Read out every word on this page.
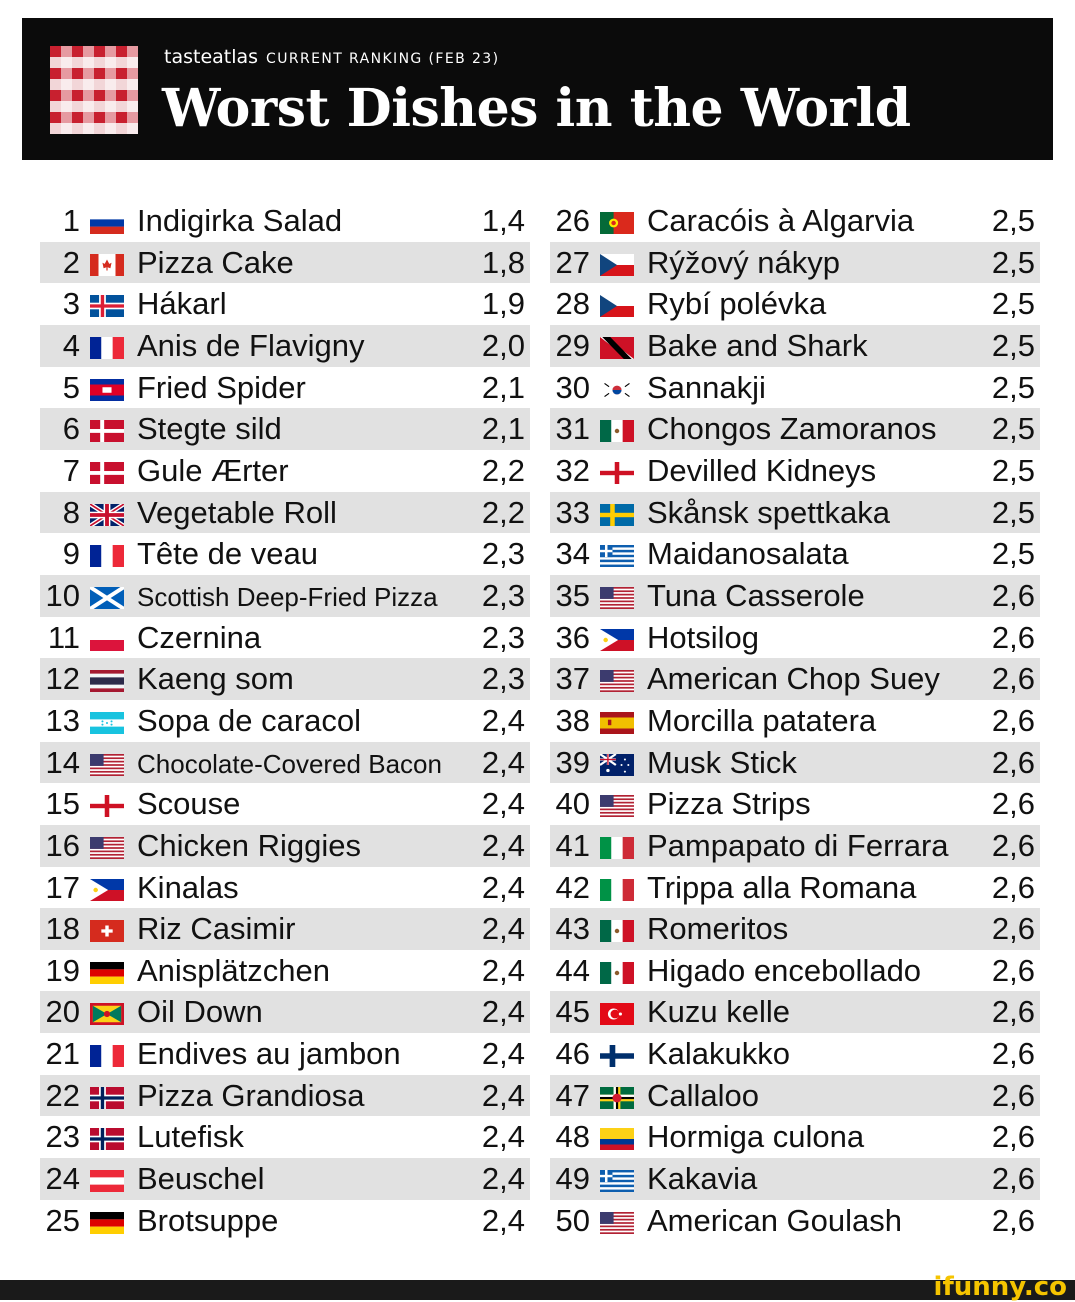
tasteatlas CURRENT RANKING (FEB 23)
Worst Dishes in the World
1 Indigirka Salad	1,4
2 Pizza Cake	1,8
3 Hákarl	1,9
4 Anis de Flavigny	2,0
5 Fried Spider	2,1
6 Stegte sild	2,1
7 Gule Ærter	2,2
8 Vegetable Roll	2,2
9 Tête de veau	2,3
10 Scottish Deep-Fried Pizza 2,3
11 Czernina	2,3
12 Kaeng som	2,3
13 Sopa de caracol	2,4
14 Chocolate-Covered Bacon 2,4
15 Scouse	2,4
16 Chicken Riggies	2,4
17 Kinalas	2,4
18 Riz Casimir	2,4
19 Anisplätzchen	2,4
20 Oil Down	2,4
21 Endives au jambon	2,4
22 Pizza Grandiosa	2,4
23 Lutefisk	2,4
24 Beuschel	2,4
25 Brotsuppe	2,4
26 Caracóis à Algarvia	2,5
27 Rýžový nákyp	2,5
28 Rybí polévka	2,5
29 Bake and Shark	2,5
30 Sannakji	2,5
31 Chongos Zamoranos 2,5
32 Devilled Kidneys	2,5
33 Skånsk spettkaka	2,5
34 Maidanosalata	2,5
35 Tuna Casserole	2,6
36 Hotsilog	2,6
37 American Chop Suey 2,6
38 Morcilla patatera	2,6
39 Musk Stick	2,6
40 Pizza Strips	2,6
41 Pampapato di Ferrara 2,6
42 Trippa alla Romana 2,6
43 Romeritos	2,6
44 Higado encebollado 2,6
45 Kuzu kelle	2,6
46 Kalakukko	2,6
47 Callaloo	2,6
48 Hormiga culona	2,6
49 Kakavia	2,6
50 American Goulash	2,6
ifunny.co
